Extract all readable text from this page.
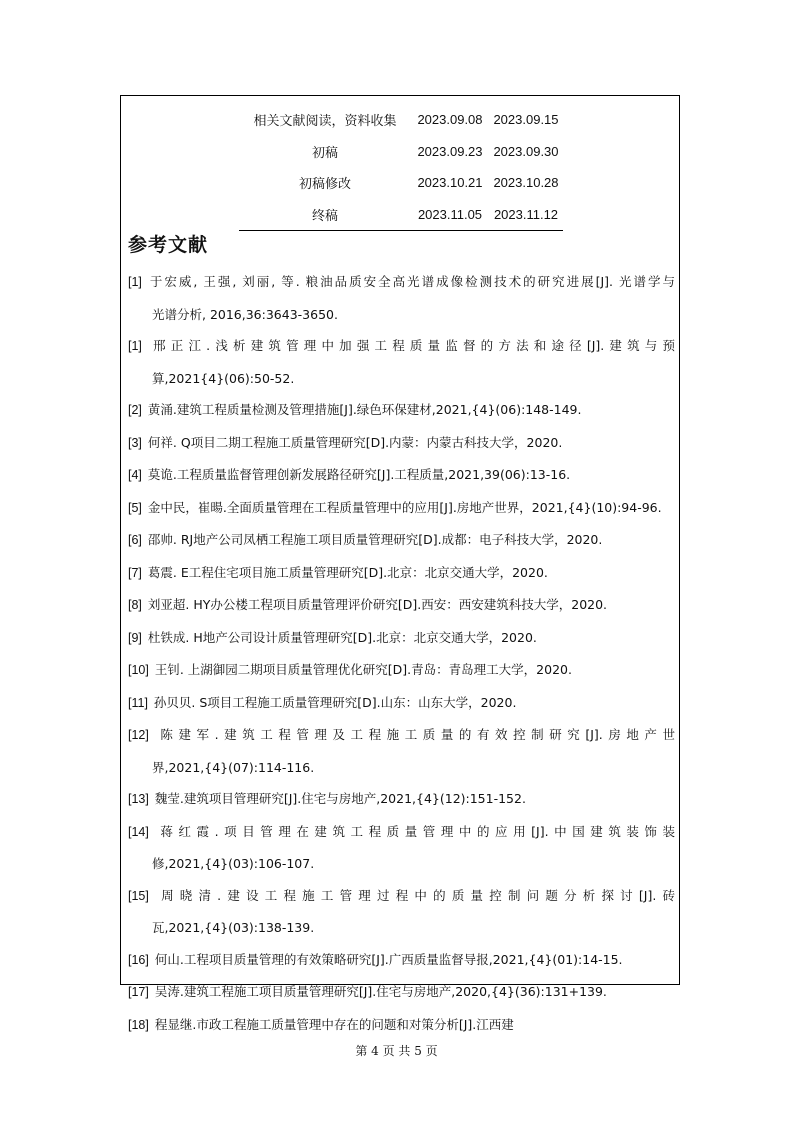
相关文献阅读，资料收集	2023.09.08 2023.09.15
初稿	2023.09.23 2023.09.30
初稿修改	2023.10.21 2023.10.28
终稿	2023.11.05 2023.11.12
参考文献
[1] 于宏威, 王强, 刘丽, 等. 粮油品质安全高光谱成像检测技术的研究进展[J]. 光谱学与
光谱分析, 2016,36:3643-3650.
[1] 邢正江.浅析建筑管理中加强工程质量监督的方法和途径[J].建筑与预
算,2021{4}(06):50-52.
[2] 黄涌.建筑工程质量检测及管理措施[J].绿色环保建材,2021,{4}(06):148-149.
[3] 何祥. Q项目二期工程施工质量管理研究[D].内蒙：内蒙古科技大学，2020.
[4] 莫诡.工程质量监督管理创新发展路径研究[J].工程质量,2021,39(06):13-16.
[5] 金中民，崔暘.全面质量管理在工程质量管理中的应用[J].房地产世界，2021,{4}(10):94-96.
[6] 邵帅. RJ地产公司凤栖工程施工项目质量管理研究[D].成都：电子科技大学，2020.
[7] 葛震. E工程住宅项目施工质量管理研究[D].北京：北京交通大学，2020.
[8] 刘亚超. HY办公楼工程项目质量管理评价研究[D].西安：西安建筑科技大学，2020.
[9] 杜铁成. H地产公司设计质量管理研究[D].北京：北京交通大学，2020.
[10] 王钊. 上湖御园二期项目质量管理优化研究[D].青岛：青岛理工大学，2020.
[11] 孙贝贝. S项目工程施工质量管理研究[D].山东：山东大学，2020.
[12] 陈建军.建筑工程管理及工程施工质量的有效控制研究[J].房地产世
界,2021,{4}(07):114-116.
[13] 魏莹.建筑项目管理研究[J].住宅与房地产,2021,{4}(12):151-152.
[14] 蒋红霞.项目管理在建筑工程质量管理中的应用[J].中国建筑装饰装
修,2021,{4}(03):106-107.
[15] 周晓清.建设工程施工管理过程中的质量控制问题分析探讨[J].砖
瓦,2021,{4}(03):138-139.
[16] 何山.工程项目质量管理的有效策略研究[J].广西质量监督导报,2021,{4}(01):14-15.
[17] 吴涛.建筑工程施工项目质量管理研究[J].住宅与房地产,2020,{4}(36):131+139.
[18] 程显继.市政工程施工质量管理中存在的问题和对策分析[J].江西建
第 4 页 共 5 页
